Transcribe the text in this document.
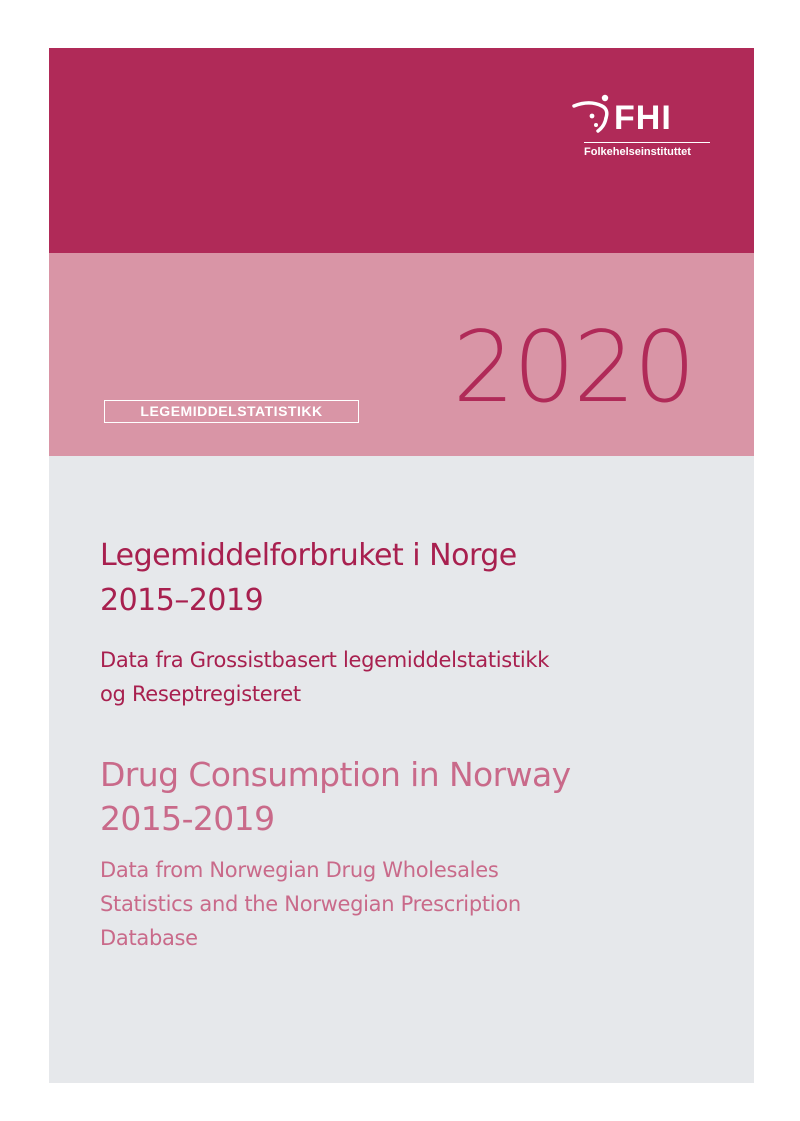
FHI
Folkehelseinstituttet
2020
LEGEMIDDELSTATISTIKK
Legemiddelforbruket i Norge
2015–2019
Data fra Grossistbasert legemiddelstatistikk
og Reseptregisteret
Drug Consumption in Norway
2015-2019
Data from Norwegian Drug Wholesales
Statistics and the Norwegian Prescription
Database
